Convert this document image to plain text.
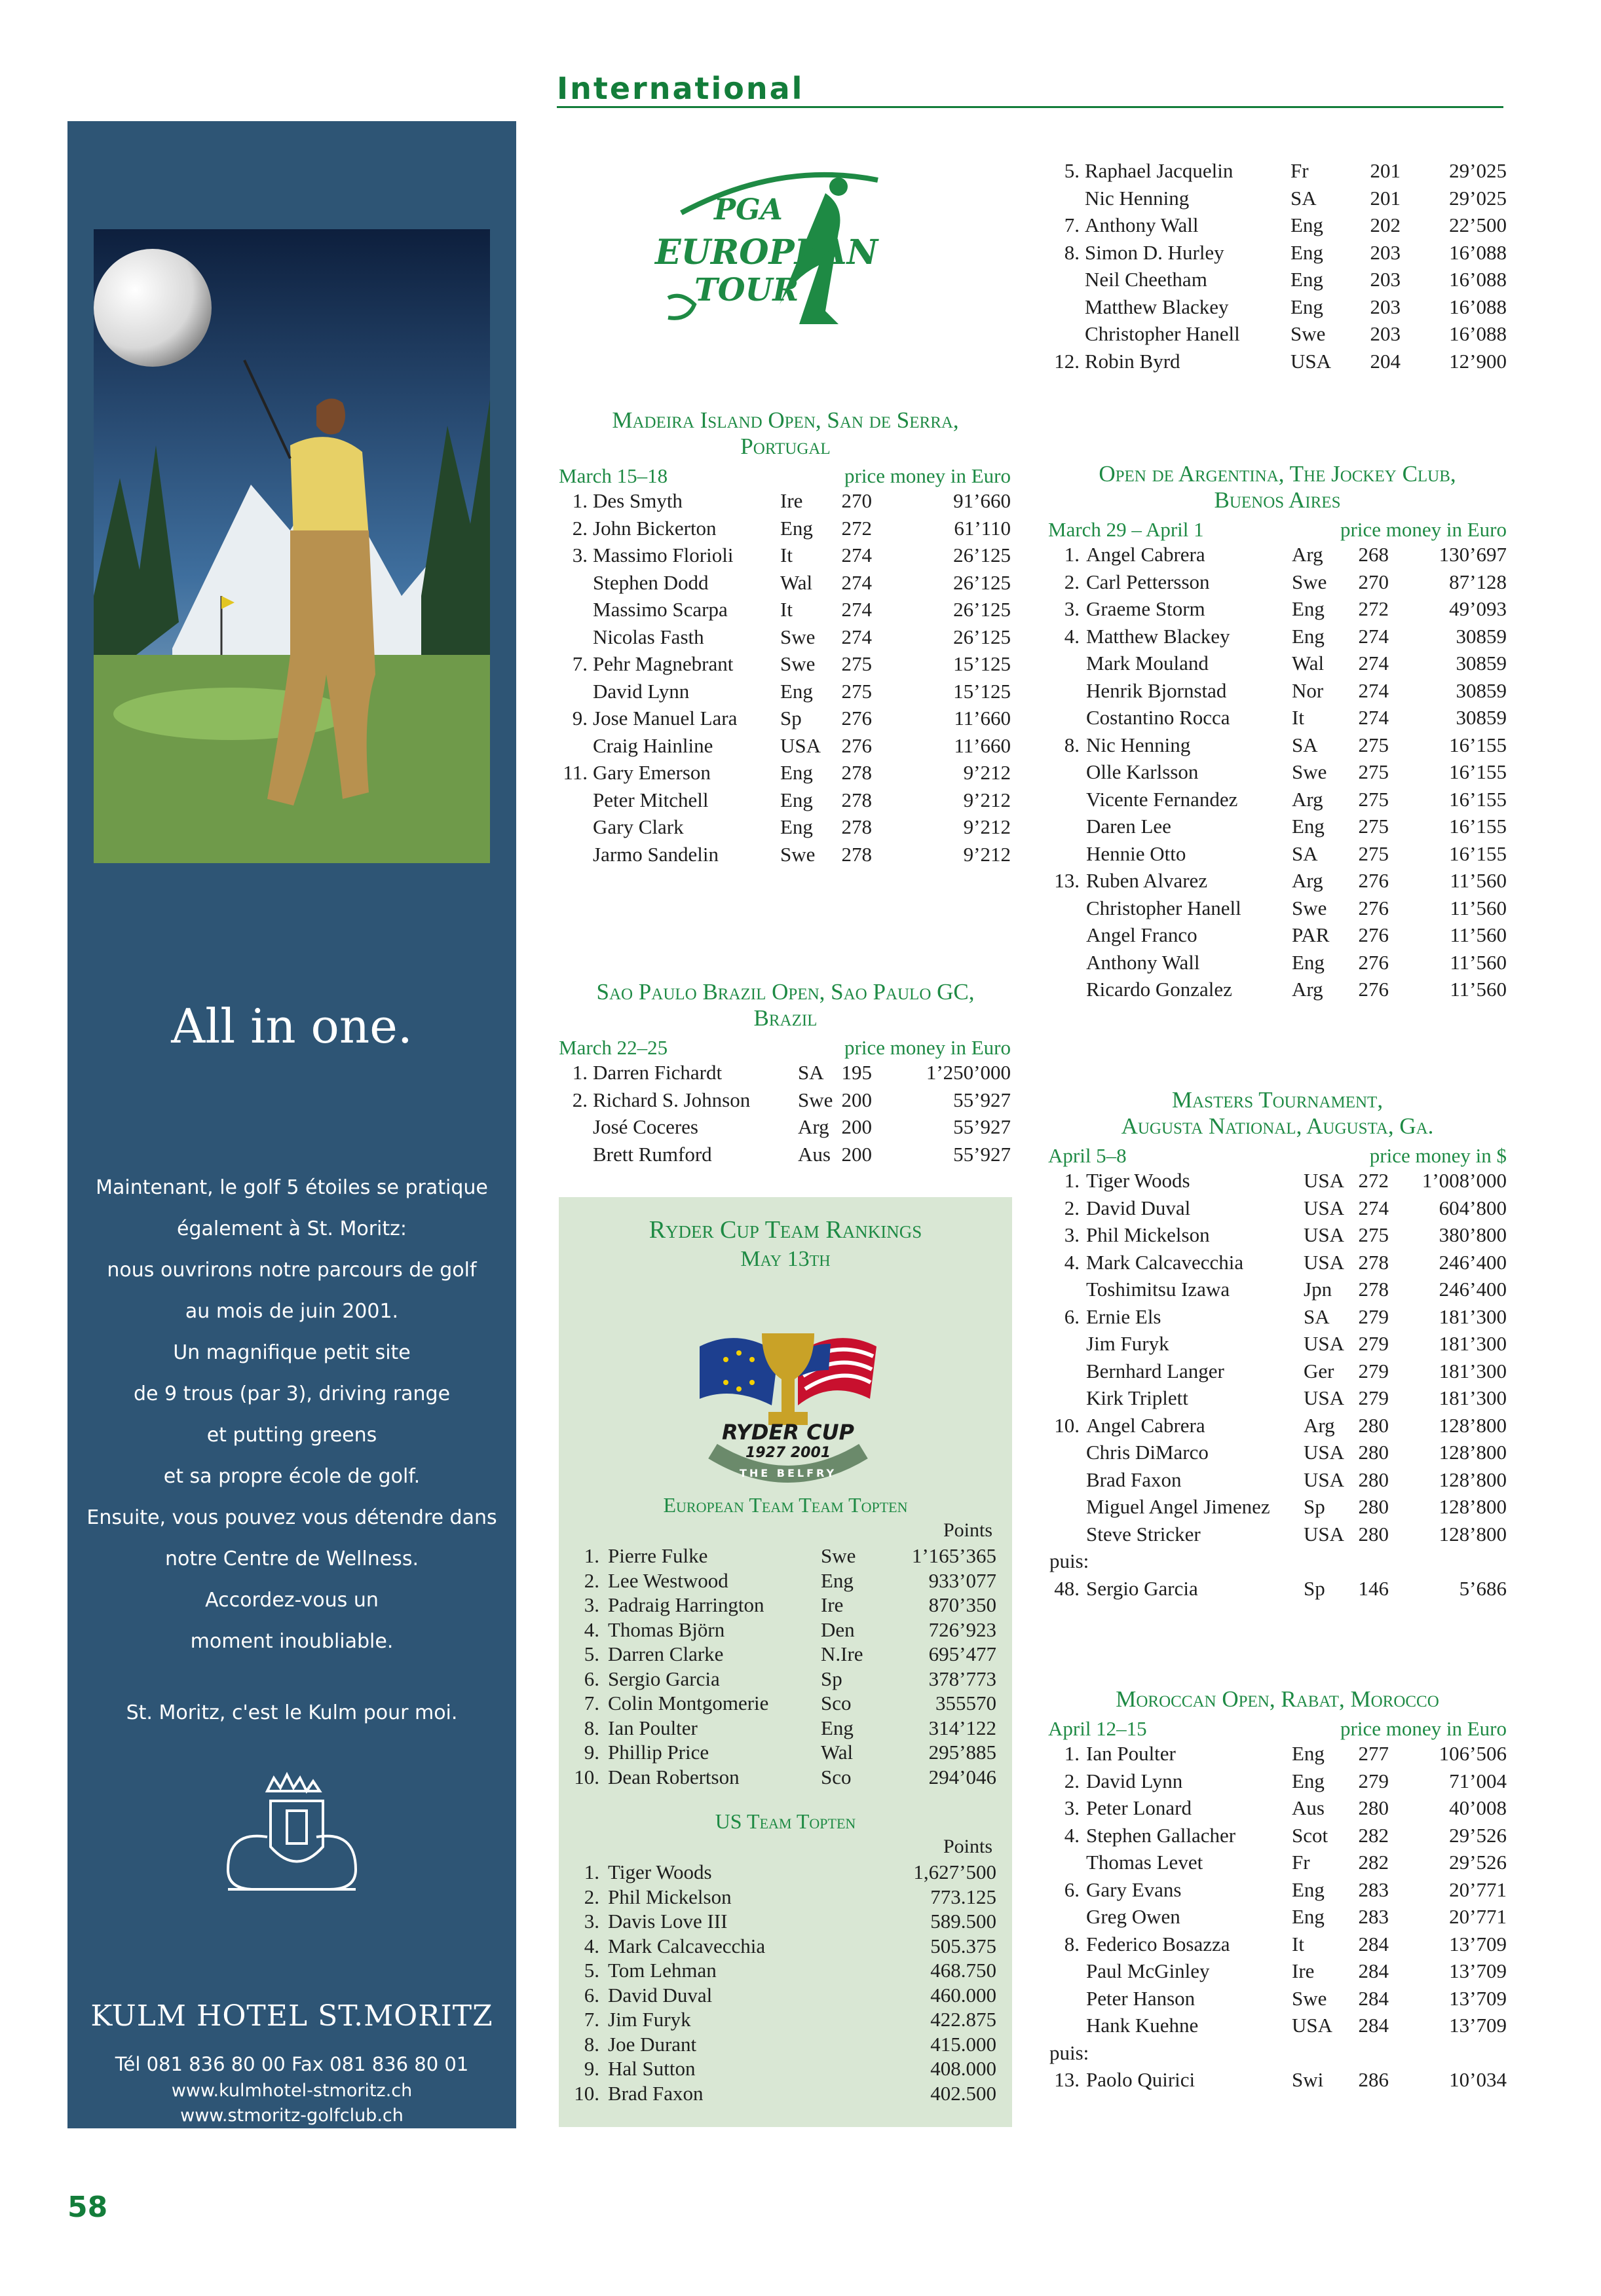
International
All in one.
Maintenant, le golf 5 étoiles se pratique
également à St. Moritz:
nous ouvrirons notre parcours de golf
au mois de juin 2001.
Un magnifique petit site
de 9 trous (par 3), driving range
et putting greens
et sa propre école de golf.
Ensuite, vous pouvez vous détendre dans
notre Centre de Wellness.
Accordez-vous un
moment inoubliable.
St. Moritz, c'est le Kulm pour moi.
KULM HOTEL ST.MORITZ
Tél 081 836 80 00 Fax 081 836 80 01
www.kulmhotel-stmoritz.ch
www.stmoritz-golfclub.ch
Swiss Deluxe Hotels
one of
The
Leading
Hotels
of the
World
PGA
EUROPEAN
TOUR
Madeira Island Open, San de Serra,
Portugal
March 15–18	price money in Euro
1. Des Smyth	Ire 270	91’660
2. John Bickerton	Eng 272	61’110
3. Massimo Florioli It 274	26’125
Stephen Dodd	Wal 274	26’125
Massimo Scarpa	It 274	26’125
Nicolas Fasth	Swe 274	26’125
7. Pehr Magnebrant Swe 275	15’125
David Lynn	Eng 275	15’125
9. Jose Manuel Lara Sp 276	11’660
Craig Hainline	USA 276	11’660
11. Gary Emerson	Eng 278	9’212
Peter Mitchell	Eng 278	9’212
Gary Clark	Eng 278	9’212
Jarmo Sandelin	Swe 278	9’212
Sao Paulo Brazil Open, Sao Paulo GC,
Brazil
March 22–25	price money in Euro
1. Darren Fichardt	SA 195	1’250’000
2. Richard S. Johnson Swe 200	55’927
José Coceres	Arg 200	55’927
Brett Rumford	Aus 200	55’927
5. Raphael Jacquelin	Fr	201 29’025
Nic Henning	SA	201 29’025
7. Anthony Wall	Eng 202 22’500
8. Simon D. Hurley	Eng 203 16’088
Neil Cheetham	Eng 203 16’088
Matthew Blackey	Eng 203 16’088
Christopher Hanell Swe 203 16’088
12. Robin Byrd	USA 204 12’900
Open de Argentina, The Jockey Club,
Buenos Aires
March 29 – April 1	price money in Euro
1. Angel Cabrera	Arg 268 130’697
2. Carl Pettersson	Swe 270	87’128
3. Graeme Storm	Eng 272	49’093
4. Matthew Blackey	Eng 274	30859
Mark Mouland	Wal 274	30859
Henrik Bjornstad	Nor 274	30859
Costantino Rocca	It	274	30859
8. Nic Henning	SA 275	16’155
Olle Karlsson	Swe 275	16’155
Vicente Fernandez	Arg 275	16’155
Daren Lee	Eng 275	16’155
Hennie Otto	SA 275	16’155
13. Ruben Alvarez	Arg 276	11’560
Christopher Hanell Swe 276	11’560
Angel Franco	PAR 276	11’560
Anthony Wall	Eng 276	11’560
Ricardo Gonzalez	Arg 276	11’560
Masters Tournament,
Augusta National, Augusta, Ga.
April 5–8	price money in $
1. Tiger Woods	USA 272 1’008’000
2. David Duval	USA 274 604’800
3. Phil Mickelson	USA 275 380’800
4. Mark Calcavecchia	USA 278 246’400
Toshimitsu Izawa	Jpn 278 246’400
6. Ernie Els	SA 279 181’300
Jim Furyk	USA 279 181’300
Bernhard Langer	Ger 279 181’300
Kirk Triplett	USA 279 181’300
10. Angel Cabrera	Arg 280 128’800
Chris DiMarco	USA 280 128’800
Brad Faxon	USA 280 128’800
Miguel Angel Jimenez Sp 280 128’800
Steve Stricker	USA 280 128’800
puis:
48. Sergio Garcia	Sp 146	5’686
Moroccan Open, Rabat, Morocco
April 12–15	price money in Euro
1. Ian Poulter	Eng 277 106’506
2. David Lynn	Eng 279	71’004
3. Peter Lonard	Aus 280	40’008
4. Stephen Gallacher	Scot 282	29’526
Thomas Levet	Fr 282	29’526
6. Gary Evans	Eng 283	20’771
Greg Owen	Eng 283	20’771
8. Federico Bosazza	It	284	13’709
Paul McGinley	Ire 284	13’709
Peter Hanson	Swe 284	13’709
Hank Kuehne	USA 284	13’709
puis:
13. Paolo Quirici	Swi 286	10’034
Ryder Cup Team Rankings
May 13th
RYDER CUP
1927 2001
THE BELFRY
European Team Team Topten
Points
1. Pierre Fulke	Swe	1’165’365
2. Lee Westwood	Eng	933’077
3. Padraig Harrington	Ire	870’350
4. Thomas Björn	Den	726’923
5. Darren Clarke	N.Ire	695’477
6. Sergio Garcia	Sp	378’773
7. Colin Montgomerie	Sco	355570
8. Ian Poulter	Eng	314’122
9. Phillip Price	Wal	295’885
10. Dean Robertson	Sco	294’046
US Team Topten
Points
1. Tiger Woods	1,627’500
2. Phil Mickelson	773.125
3. Davis Love III	589.500
4. Mark Calcavecchia	505.375
5. Tom Lehman	468.750
6. David Duval	460.000
7. Jim Furyk	422.875
8. Joe Durant	415.000
9. Hal Sutton	408.000
10. Brad Faxon	402.500
58
